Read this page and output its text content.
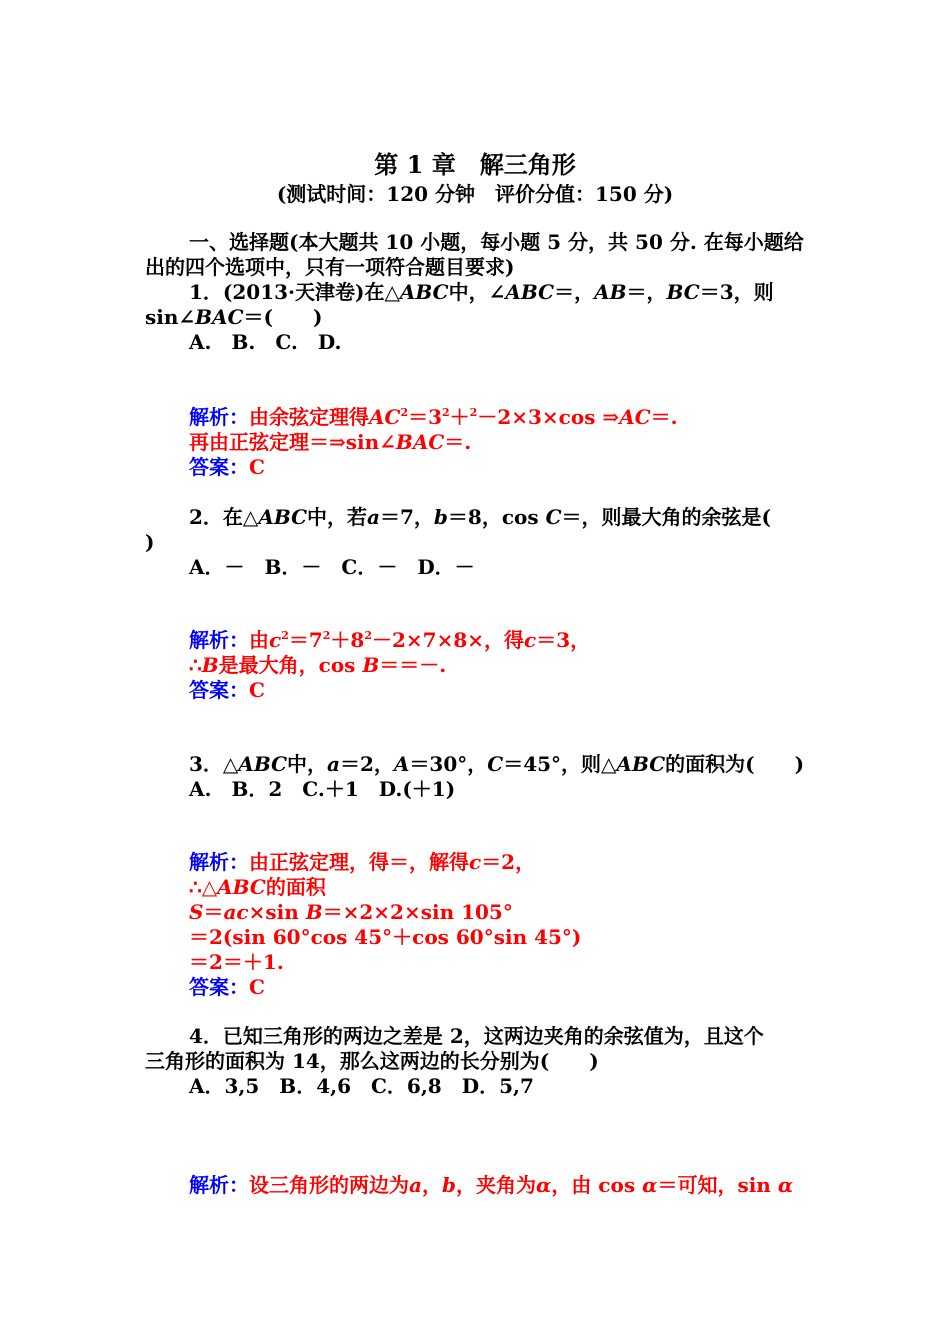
第 1 章　解三角形
(测试时间：120 分钟　评价分值：150 分)
一、选择题(本大题共 10 小题，每小题 5 分，共 50 分. 在每小题给
出的四个选项中，只有一项符合题目要求)
1．(2013·天津卷)在△ABC中，∠ABC＝，AB＝，BC＝3，则
sin∠BAC＝(　　)
A.　B.　C.　D.
解析：由余弦定理得$AC^2=3^2+^2-2\times 3\times\cos$ ⇒AC＝.
再由正弦定理＝⇒sin∠BAC＝.
答案：C
2．在△ABC中，若a＝7，b＝8，cos C＝，则最大角的余弦是(
)
A．－　B．－　C．－　D．－
解析：由$c^2=7^2+8^2-2\times 7\times 8\times$，得c＝3，
∴B是最大角，cos B＝＝－.
答案：C
3．△ABC中，a＝2，A＝30°，C＝45°，则△ABC的面积为(　　)
A.　B．2　C.＋1　D.(＋1)
解析：由正弦定理，得＝，解得c＝2，
∴△ABC的面积
S＝ac×sin B＝×2×2×sin 105°
＝2(sin 60°cos 45°＋cos 60°sin 45°)
＝2＝＋1.
答案：C
4．已知三角形的两边之差是 2，这两边夹角的余弦值为，且这个
三角形的面积为 14，那么这两边的长分别为(　　)
A．3,5　B．4,6　C．6,8　D．5,7
解析：设三角形的两边为a，b，夹角为α，由 cos α＝可知，sin α
